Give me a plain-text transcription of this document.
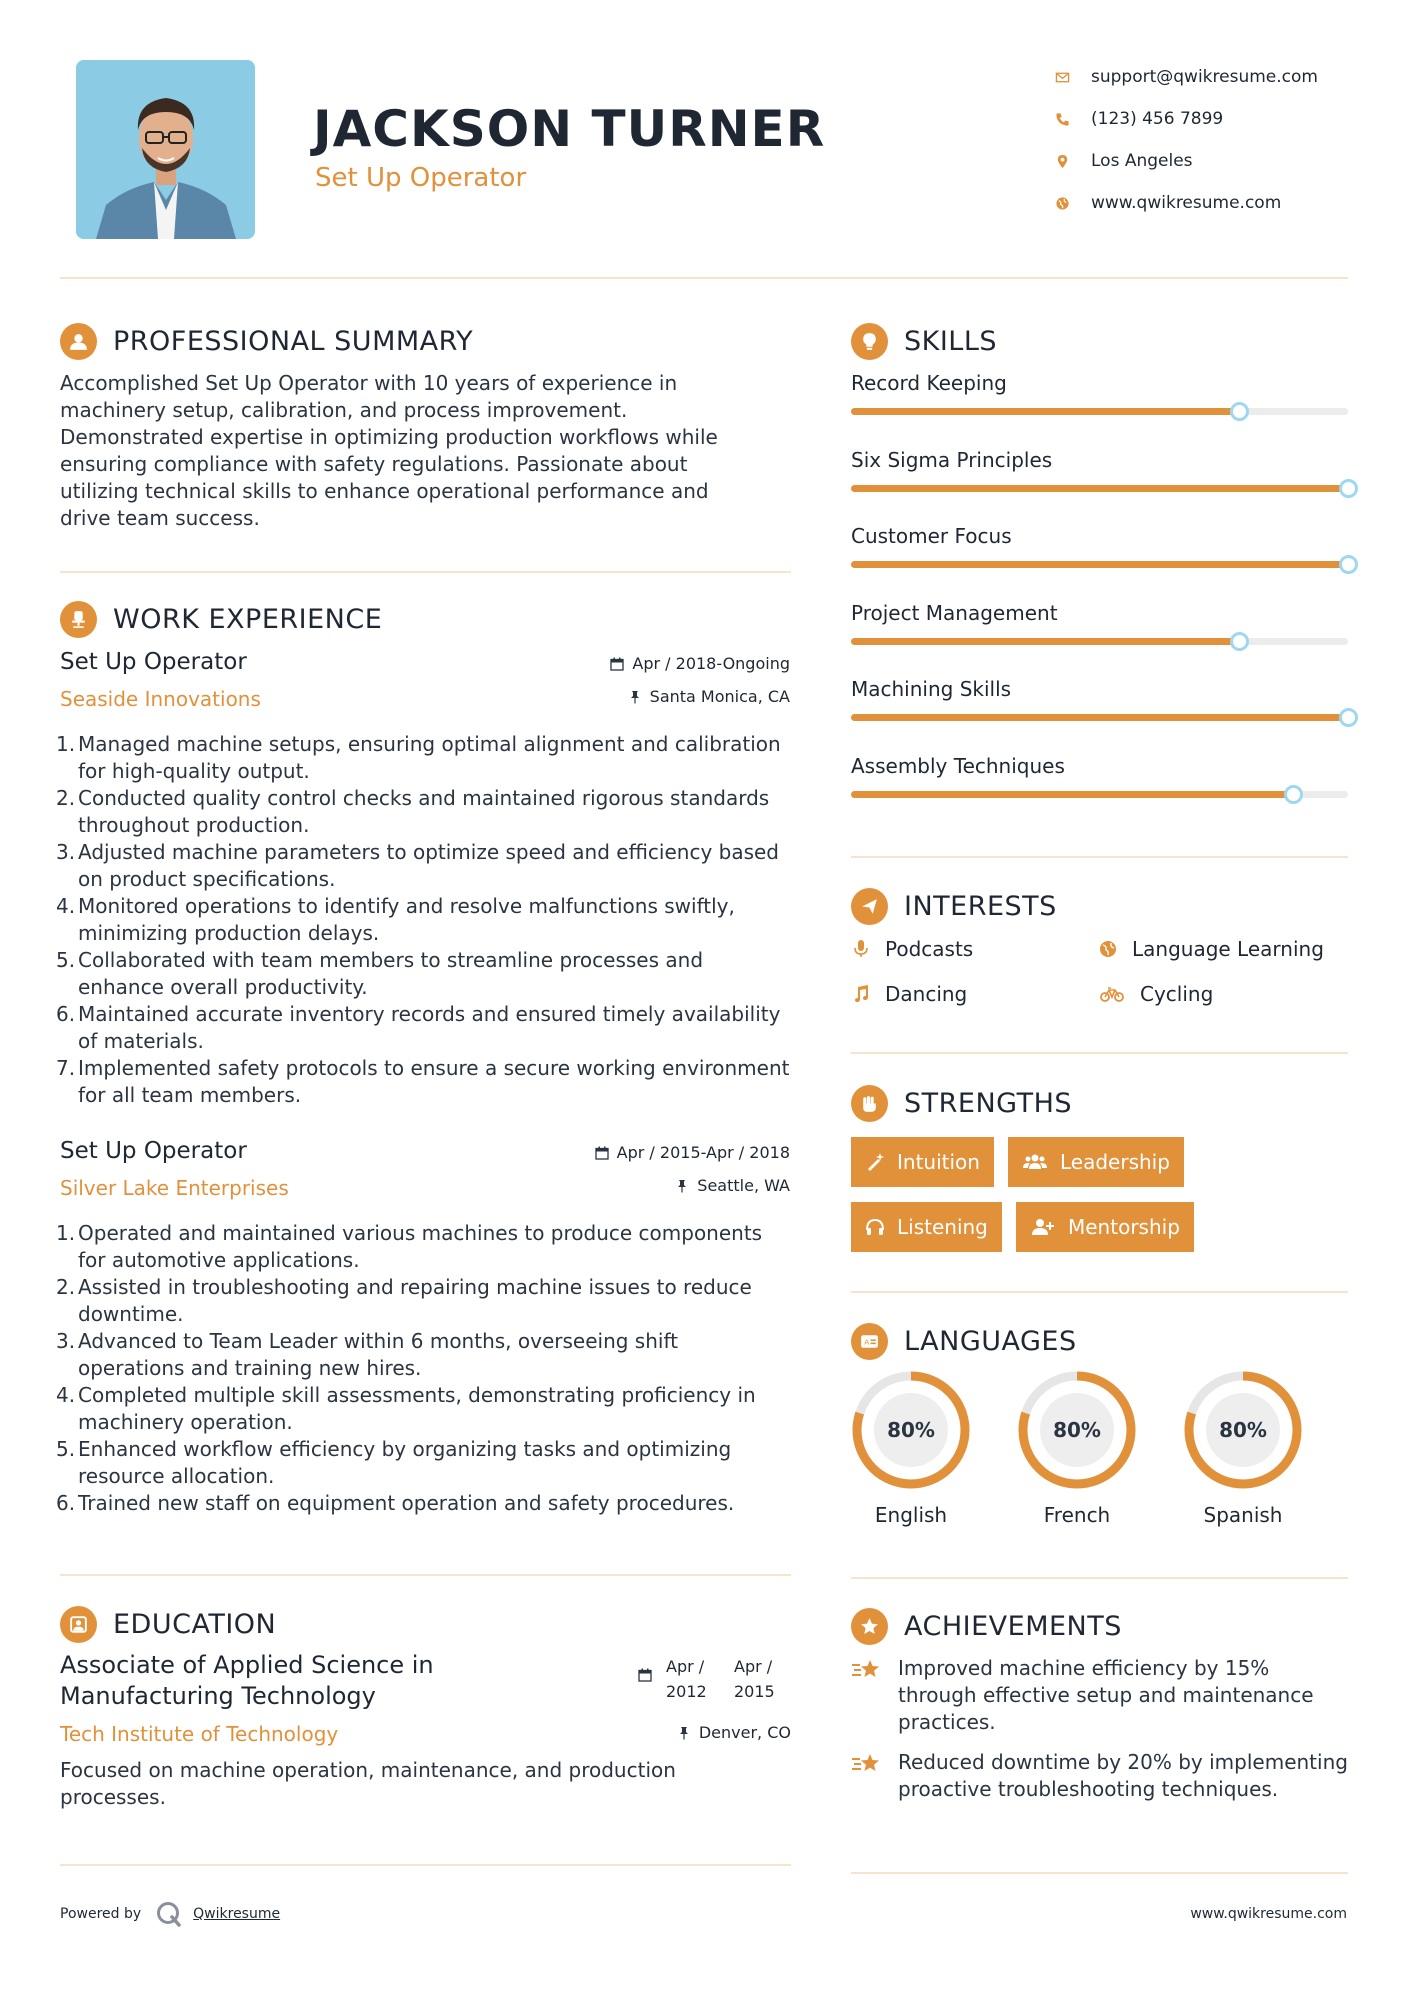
JACKSON TURNER
Set Up Operator
support@qwikresume.com
(123) 456 7899
Los Angeles
www.qwikresume.com
PROFESSIONAL SUMMARY
Accomplished Set Up Operator with 10 years of experience in machinery setup, calibration, and process improvement. Demonstrated expertise in optimizing production workflows while ensuring compliance with safety regulations. Passionate about utilizing technical skills to enhance operational performance and drive team success.
WORK EXPERIENCE
Set Up Operator
Seaside Innovations
Apr / 2018-Ongoing
Santa Monica, CA
1. Managed machine setups, ensuring optimal alignment and calibration for high-quality output.
2. Conducted quality control checks and maintained rigorous standards throughout production.
3. Adjusted machine parameters to optimize speed and efficiency based on product specifications.
4. Monitored operations to identify and resolve malfunctions swiftly, minimizing production delays.
5. Collaborated with team members to streamline processes and enhance overall productivity.
6. Maintained accurate inventory records and ensured timely availability of materials.
7. Implemented safety protocols to ensure a secure working environment for all team members.
Set Up Operator
Silver Lake Enterprises
Apr / 2015-Apr / 2018
Seattle, WA
1. Operated and maintained various machines to produce components for automotive applications.
2. Assisted in troubleshooting and repairing machine issues to reduce downtime.
3. Advanced to Team Leader within 6 months, overseeing shift operations and training new hires.
4. Completed multiple skill assessments, demonstrating proficiency in machinery operation.
5. Enhanced workflow efficiency by organizing tasks and optimizing resource allocation.
6. Trained new staff on equipment operation and safety procedures.
EDUCATION
Associate of Applied Science in Manufacturing Technology
Apr / 2012
Apr / 2015
Tech Institute of Technology	Denver, CO
Focused on machine operation, maintenance, and production processes.
Powered by	Qwikresume	www.qwikresume.com
SKILLS
Record Keeping
Six Sigma Principles
Customer Focus
Project Management
Machining Skills
Assembly Techniques
INTERESTS
Podcasts	Language Learning
Dancing	Cycling
STRENGTHS
Intuition	Leadership
Listening	Mentorship
A LANGUAGES
80%
English
80%
French
80%
Spanish
ACHIEVEMENTS
Improved machine efficiency by 15% through effective setup and maintenance practices.
Reduced downtime by 20% by implementing proactive troubleshooting techniques.
